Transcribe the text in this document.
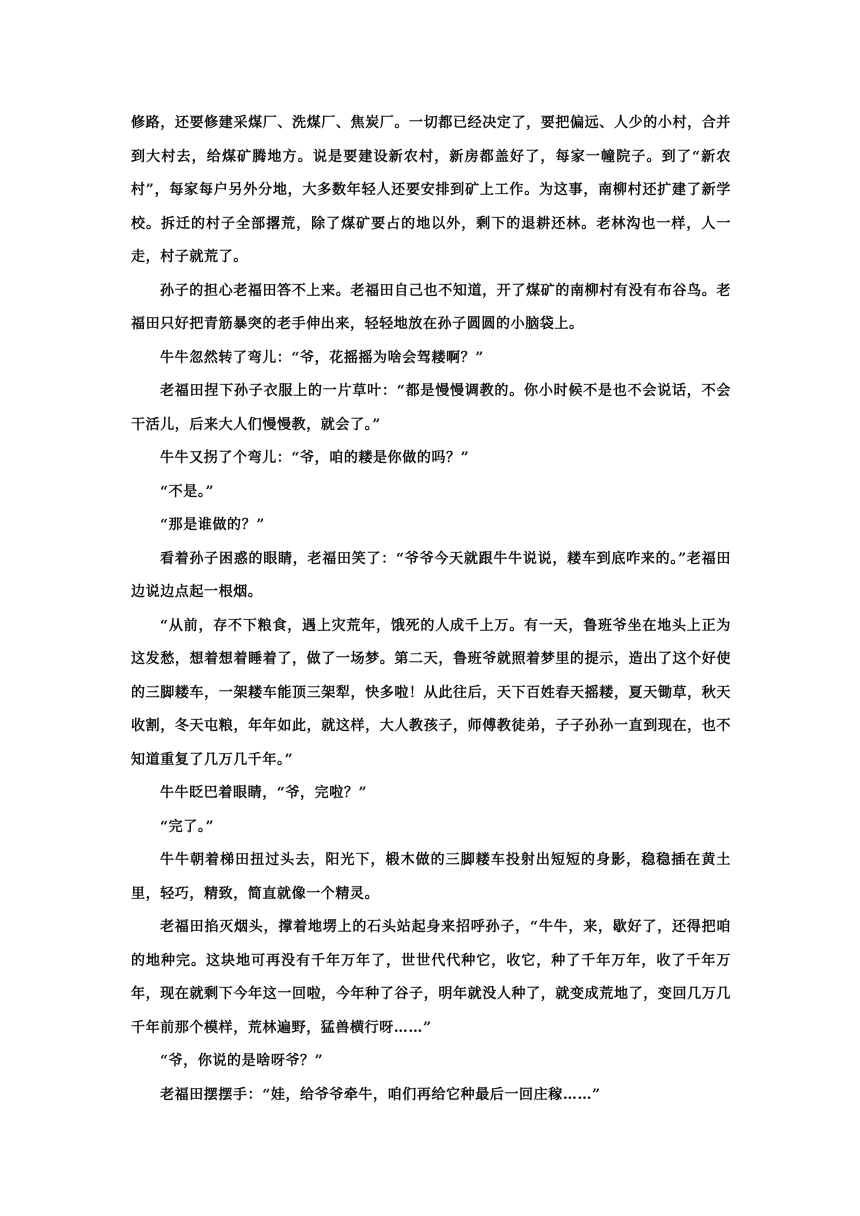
修路，还要修建采煤厂、洗煤厂、焦炭厂。一切都已经决定了，要把偏远、人少的小村，合并到大村去，给煤矿腾地方。说是要建设新农村，新房都盖好了，每家一幢院子。到了“新农村”，每家每户另外分地，大多数年轻人还要安排到矿上工作。为这事，南柳村还扩建了新学校。拆迁的村子全部撂荒，除了煤矿要占的地以外，剩下的退耕还林。老林沟也一样，人一走，村子就荒了。

孙子的担心老福田答不上来。老福田自己也不知道，开了煤矿的南柳村有没有布谷鸟。老福田只好把青筋暴突的老手伸出来，轻轻地放在孙子圆圆的小脑袋上。

牛牛忽然转了弯儿：“爷，花摇摇为啥会驾耧啊？”

老福田捏下孙子衣服上的一片草叶：“都是慢慢调教的。你小时候不是也不会说话，不会干活儿，后来大人们慢慢教，就会了。”

牛牛又拐了个弯儿：“爷，咱的耧是你做的吗？”

“不是。”

“那是谁做的？”

看着孙子困惑的眼睛，老福田笑了：“爷爷今天就跟牛牛说说，耧车到底咋来的。”老福田边说边点起一根烟。

“从前，存不下粮食，遇上灾荒年，饿死的人成千上万。有一天，鲁班爷坐在地头上正为这发愁，想着想着睡着了，做了一场梦。第二天，鲁班爷就照着梦里的提示，造出了这个好使的三脚耧车，一架耧车能顶三架犁，快多啦！从此往后，天下百姓春天摇耧，夏天锄草，秋天收割，冬天屯粮，年年如此，就这样，大人教孩子，师傅教徒弟，子子孙孙一直到现在，也不知道重复了几万几千年。”

牛牛眨巴着眼睛，“爷，完啦？”

“完了。”

牛牛朝着梯田扭过头去，阳光下，椴木做的三脚耧车投射出短短的身影，稳稳插在黄土里，轻巧，精致，简直就像一个精灵。

老福田掐灭烟头，撑着地塄上的石头站起身来招呼孙子，“牛牛，来，歇好了，还得把咱的地种完。这块地可再没有千年万年了，世世代代种它，收它，种了千年万年，收了千年万年，现在就剩下今年这一回啦，今年种了谷子，明年就没人种了，就变成荒地了，变回几万几千年前那个模样，荒林遍野，猛兽横行呀……”

“爷，你说的是啥呀爷？”

老福田摆摆手：“娃，给爷爷牵牛，咱们再给它种最后一回庄稼……”
